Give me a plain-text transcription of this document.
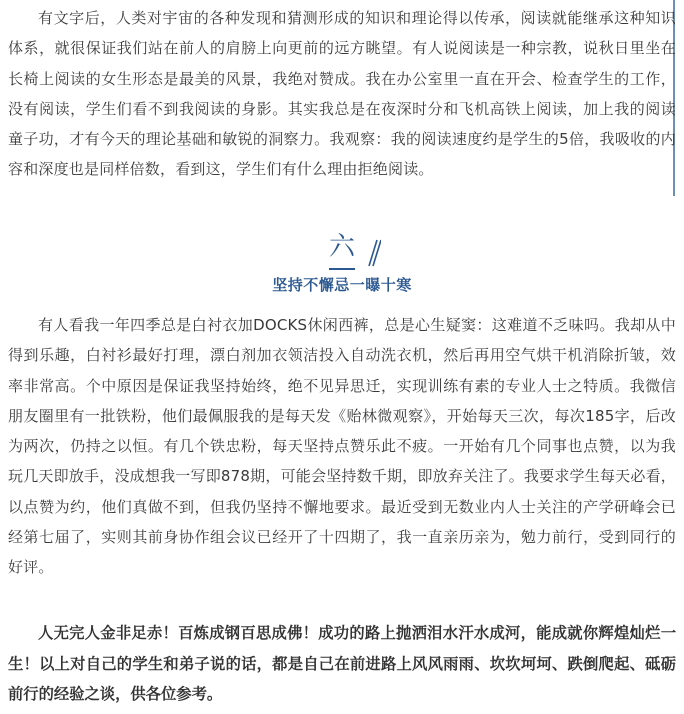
有文字后，人类对宇宙的各种发现和猜测形成的知识和理论得以传承，阅读就能继承这种知识体系，就很保证我们站在前人的肩膀上向更前的远方眺望。有人说阅读是一种宗教，说秋日里坐在长椅上阅读的女生形态是最美的风景，我绝对赞成。我在办公室里一直在开会、检查学生的工作，没有阅读，学生们看不到我阅读的身影。其实我总是在夜深时分和飞机高铁上阅读，加上我的阅读童子功，才有今天的理论基础和敏锐的洞察力。我观察：我的阅读速度约是学生的5倍，我吸收的内容和深度也是同样倍数，看到这，学生们有什么理由拒绝阅读。

六
坚持不懈忌一曝十寒

有人看我一年四季总是白衬衣加DOCKS休闲西裤，总是心生疑窦：这难道不乏味吗。我却从中得到乐趣，白衬衫最好打理，漂白剂加衣领洁投入自动洗衣机，然后再用空气烘干机消除折皱，效率非常高。个中原因是保证我坚持始终，绝不见异思迁，实现训练有素的专业人士之特质。我微信朋友圈里有一批铁粉，他们最佩服我的是每天发《贻林微观察》，开始每天三次，每次185字，后改为两次，仍持之以恒。有几个铁忠粉，每天坚持点赞乐此不疲。一开始有几个同事也点赞，以为我玩几天即放手，没成想我一写即878期，可能会坚持数千期，即放弃关注了。我要求学生每天必看，以点赞为约，他们真做不到，但我仍坚持不懈地要求。最近受到无数业内人士关注的产学研峰会已经第七届了，实则其前身协作组会议已经开了十四期了，我一直亲历亲为，勉力前行，受到同行的好评。

人无完人金非足赤！百炼成钢百思成佛！成功的路上抛洒泪水汗水成河，能成就你辉煌灿烂一生！以上对自己的学生和弟子说的话，都是自己在前进路上风风雨雨、坎坎坷坷、跌倒爬起、砥砺前行的经验之谈，供各位参考。
